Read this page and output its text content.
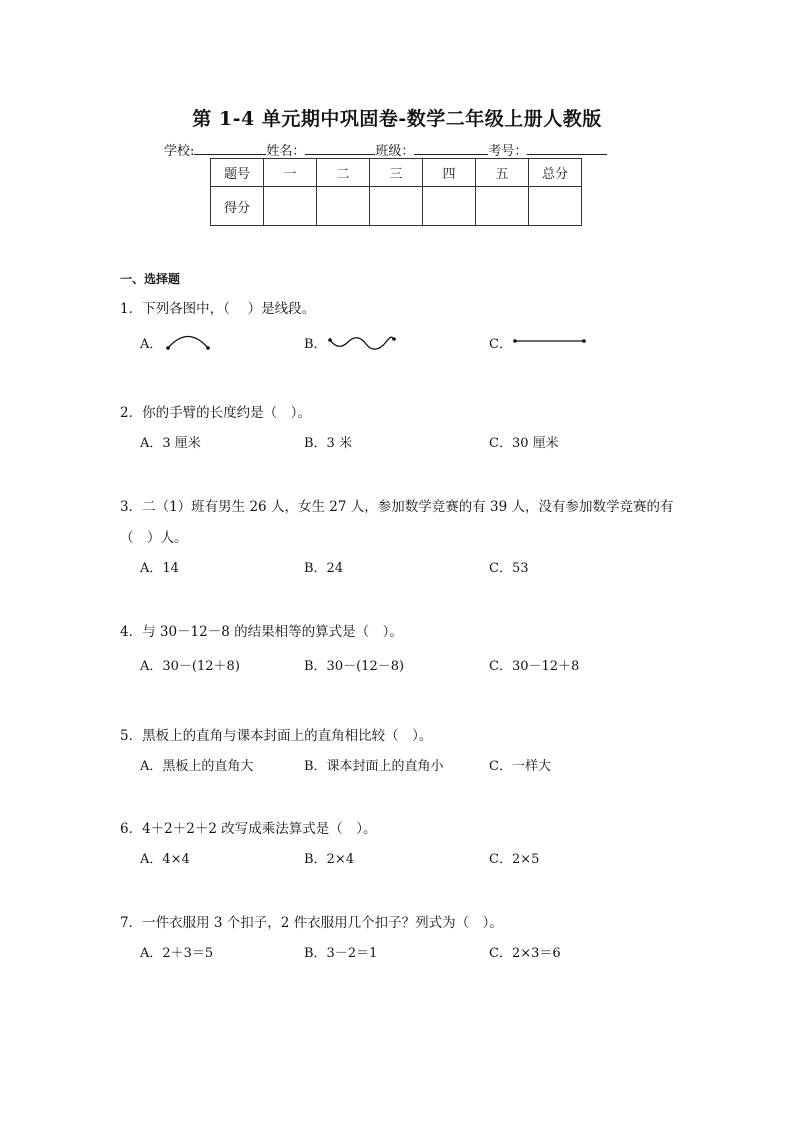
第 1-4 单元期中巩固卷-数学二年级上册人教版
学校:	姓名：	班级：	考号：
题号	一	二	三	四	五	总分
得分						
一、选择题
1．下列各图中，（　 ）是线段。
A．	B．	C．
2．你的手臂的长度约是（　）。
A．3 厘米	B．3 米	C．30 厘米
3．二（1）班有男生 26 人，女生 27 人，参加数学竞赛的有 39 人，没有参加数学竞赛的有
（　）人。
A．14	B．24	C．53
4．与 30－12－8 的结果相等的算式是（　）。
A．30－(12＋8)	B．30－(12－8)	C．30－12＋8
5．黑板上的直角与课本封面上的直角相比较（　）。
A．黑板上的直角大	B．课本封面上的直角小	C．一样大
6．4＋2＋2＋2 改写成乘法算式是（　）。
A．4×4	B．2×4	C．2×5
7．一件衣服用 3 个扣子，2 件衣服用几个扣子？列式为（　）。
A．2＋3＝5	B．3－2＝1	C．2×3＝6
